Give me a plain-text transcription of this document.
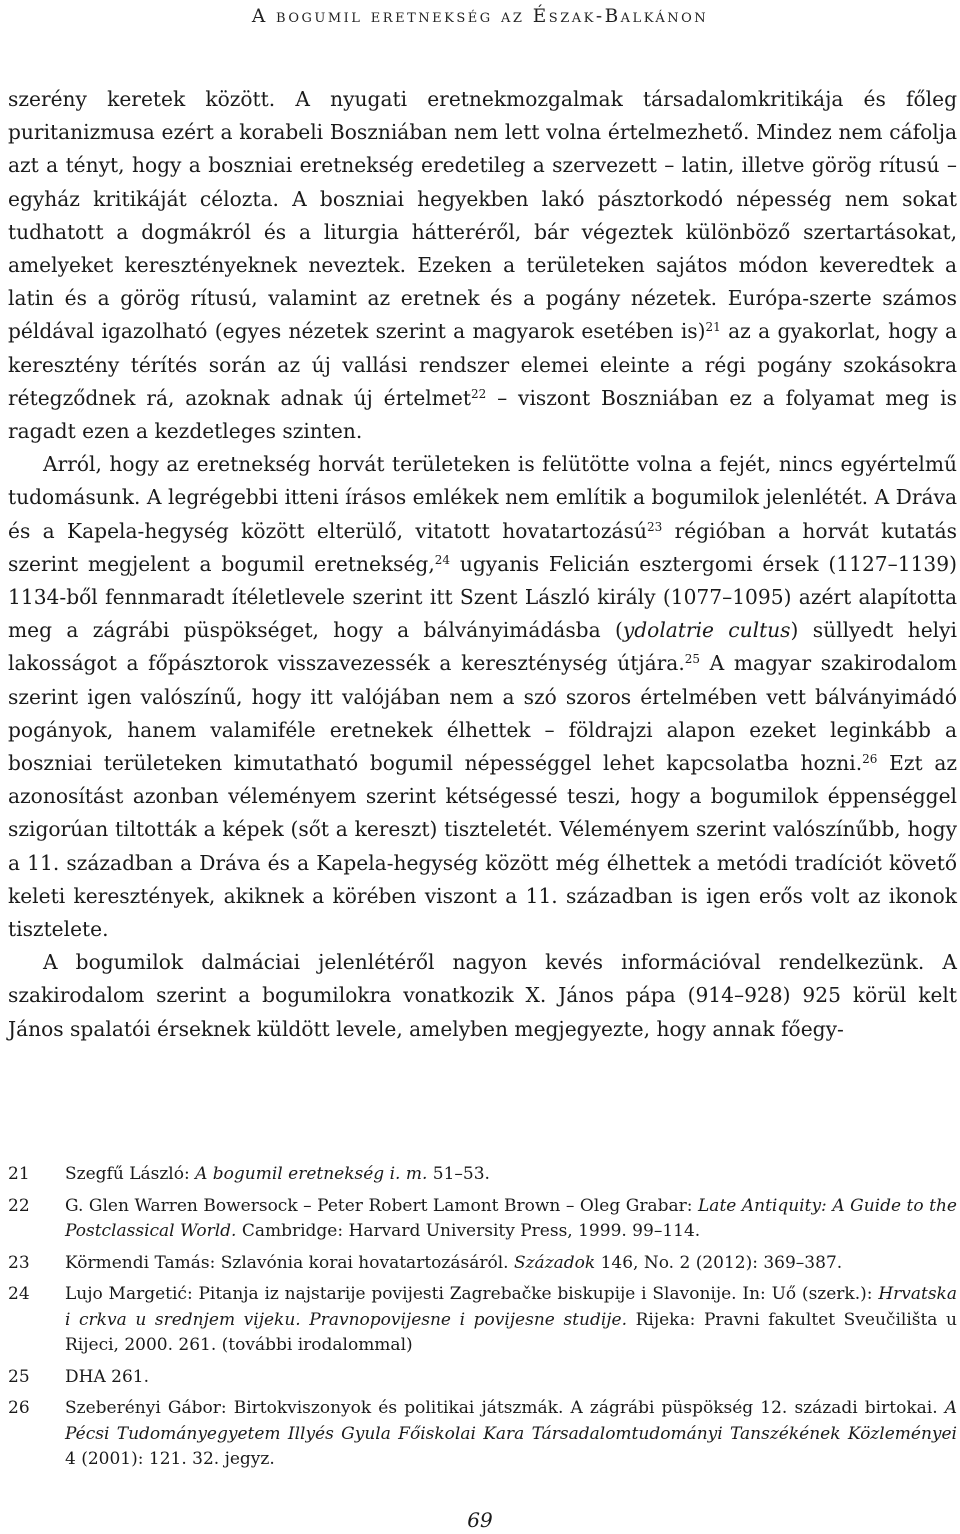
A bogumil eretnekség az Észak-Balkánon

szerény keretek között. A nyugati eretnekmozgalmak társadalomkritikája és főleg puritanizmusa ezért a korabeli Boszniában nem lett volna értelmezhető. Mindez nem cáfolja azt a tényt, hogy a boszniai eretnekség eredetileg a szervezett – latin, illetve görög rítusú – egyház kritikáját célozta. A boszniai hegyekben lakó pásztorkodó népesség nem sokat tudhatott a dogmákról és a liturgia hátteréről, bár végeztek különböző szertartásokat, amelyeket keresztényeknek neveztek. Ezeken a területeken sajátos módon keveredtek a latin és a görög rítusú, valamint az eretnek és a pogány nézetek. Európa-szerte számos példával igazolható (egyes nézetek szerint a magyarok esetében is)$^{21}$ az a gyakorlat, hogy a keresztény térítés során az új vallási rendszer elemei eleinte a régi pogány szokásokra rétegződnek rá, azoknak adnak új értelmet$^{22}$ – viszont Boszniában ez a folyamat meg is ragadt ezen a kezdetleges szinten.

Arról, hogy az eretnekség horvát területeken is felütötte volna a fejét, nincs egyértelmű tudomásunk. A legrégebbi itteni írásos emlékek nem említik a bogumilok jelenlétét. A Dráva és a Kapela-hegység között elterülő, vitatott hovatartozású$^{23}$ régióban a horvát kutatás szerint megjelent a bogumil eretnekség,$^{24}$ ugyanis Felicián esztergomi érsek (1127–1139) 1134-ből fennmaradt ítéletlevele szerint itt Szent László király (1077–1095) azért alapította meg a zágrábi püspökséget, hogy a bálványimádásba (ydolatrie cultus) süllyedt helyi lakosságot a főpásztorok visszavezessék a kereszténység útjára.$^{25}$ A magyar szakirodalom szerint igen valószínű, hogy itt valójában nem a szó szoros értelmében vett bálványimádó pogányok, hanem valamiféle eretnekek élhettek – földrajzi alapon ezeket leginkább a boszniai területeken kimutatható bogumil népességgel lehet kapcsolatba hozni.$^{26}$ Ezt az azonosítást azonban véleményem szerint kétségessé teszi, hogy a bogumilok éppenséggel szigorúan tiltották a képek (sőt a kereszt) tiszteletét. Véleményem szerint valószínűbb, hogy a 11. században a Dráva és a Kapela-hegység között még élhettek a metódi tradíciót követő keleti keresztények, akiknek a körében viszont a 11. században is igen erős volt az ikonok tisztelete.

A bogumilok dalmáciai jelenlétéről nagyon kevés információval rendelkezünk. A szakirodalom szerint a bogumilokra vonatkozik X. János pápa (914–928) 925 körül kelt János spalatói érseknek küldött levele, amelyben megjegyezte, hogy annak főegy-

21	Szegfű László: A bogumil eretnekség i. m. 51–53.
22	G. Glen Warren Bowersock – Peter Robert Lamont Brown – Oleg Grabar: Late Antiquity: A Guide to the Postclassical World. Cambridge: Harvard University Press, 1999. 99–114.
23	Körmendi Tamás: Szlavónia korai hovatartozásáról. Századok 146, No. 2 (2012): 369–387.
24	Lujo Margetić: Pitanja iz najstarije povijesti Zagrebačke biskupije i Slavonije. In: Uő (szerk.): Hrvatska i crkva u srednjem vijeku. Pravnopovijesne i povijesne studije. Rijeka: Pravni fakultet Sveučilišta u Rijeci, 2000. 261. (további irodalommal)
25	DHA 261.
26	Szeberényi Gábor: Birtokviszonyok és politikai játszmák. A zágrábi püspökség 12. századi birtokai. A Pécsi Tudományegyetem Illyés Gyula Főiskolai Kara Társadalomtudományi Tanszékének Közleményei 4 (2001): 121. 32. jegyz.
69
